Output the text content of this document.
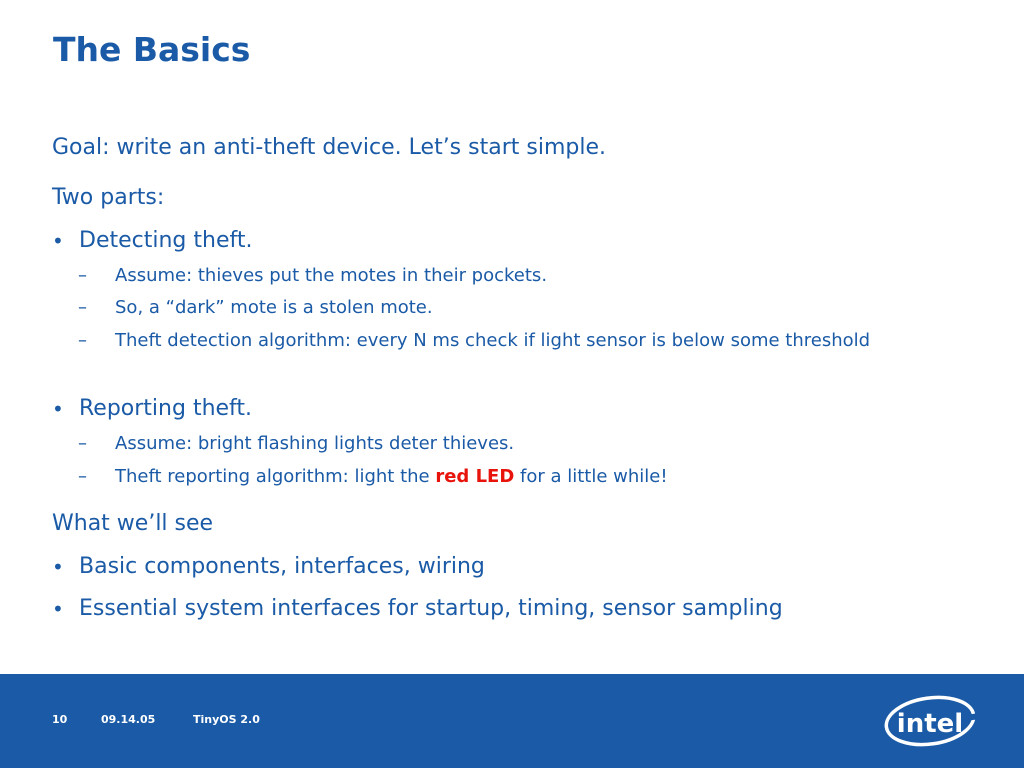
The Basics

Goal: write an anti-theft device. Let’s start simple.

Two parts:

• Detecting theft.
– Assume: thieves put the motes in their pockets.
– So, a “dark” mote is a stolen mote.
– Theft detection algorithm: every N ms check if light sensor is below some threshold
• Reporting theft.
– Assume: bright flashing lights deter thieves.
– Theft reporting algorithm: light the red LED for a little while!

What we’ll see

• Basic components, interfaces, wiring
• Essential system interfaces for startup, timing, sensor sampling
10	09.14.05	TinyOS 2.0	intel
